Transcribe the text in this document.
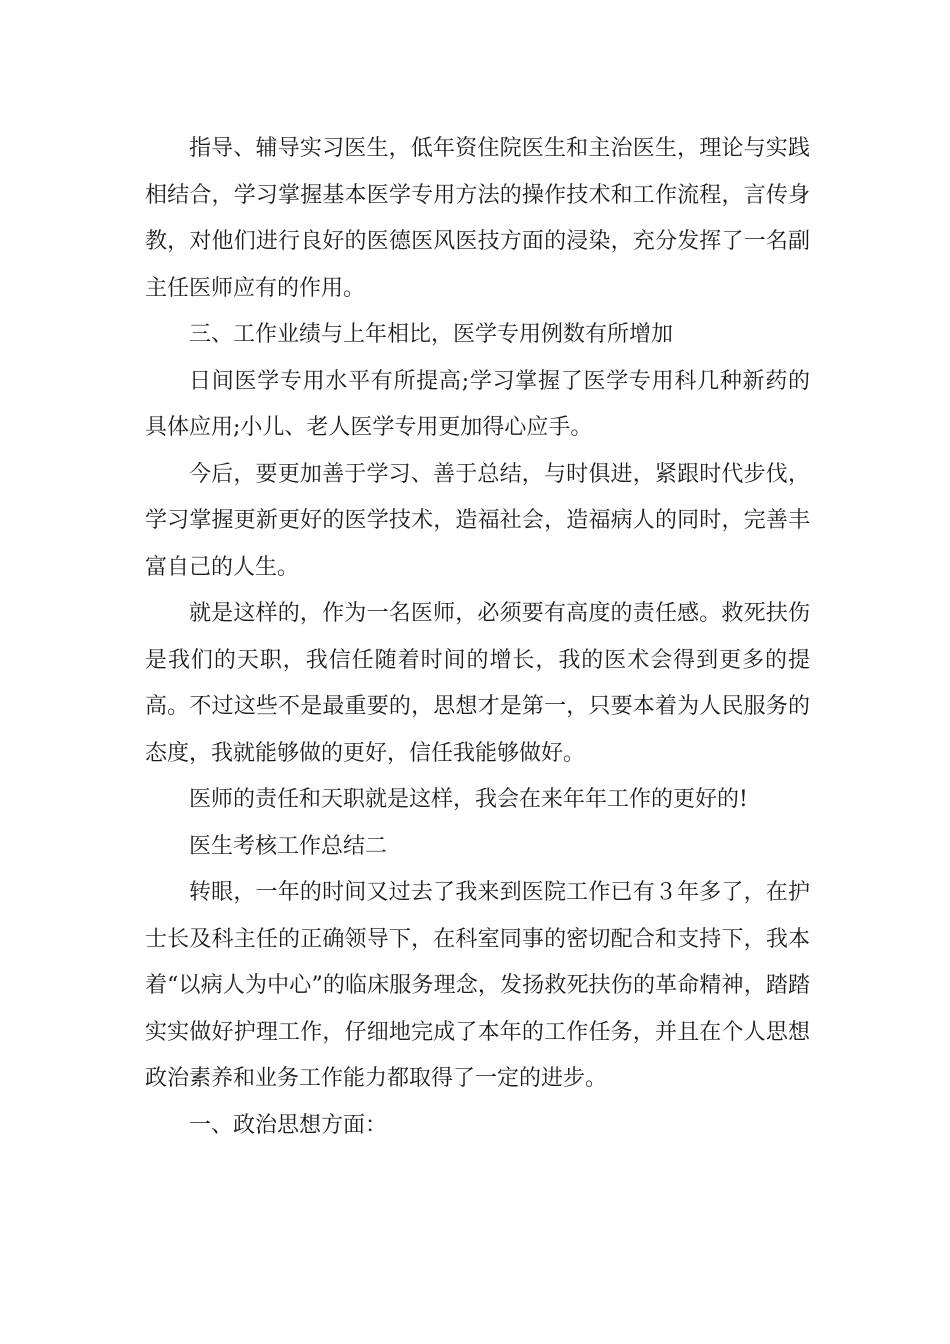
指导、辅导实习医生，低年资住院医生和主治医生，理论与实践相结合，学习掌握基本医学专用方法的操作技术和工作流程，言传身教，对他们进行良好的医德医风医技方面的浸染，充分发挥了一名副主任医师应有的作用。

三、工作业绩与上年相比，医学专用例数有所增加

日间医学专用水平有所提高;学习掌握了医学专用科几种新药的具体应用;小儿、老人医学专用更加得心应手。

今后，要更加善于学习、善于总结，与时俱进，紧跟时代步伐，学习掌握更新更好的医学技术，造福社会，造福病人的同时，完善丰富自己的人生。

就是这样的，作为一名医师，必须要有高度的责任感。救死扶伤是我们的天职，我信任随着时间的增长，我的医术会得到更多的提高。不过这些不是最重要的，思想才是第一，只要本着为人民服务的态度，我就能够做的更好，信任我能够做好。

医师的责任和天职就是这样，我会在来年年工作的更好的!

医生考核工作总结二

转眼，一年的时间又过去了我来到医院工作已有３年多了，在护士长及科主任的正确领导下，在科室同事的密切配合和支持下，我本着“以病人为中心”的临床服务理念，发扬救死扶伤的革命精神，踏踏实实做好护理工作，仔细地完成了本年的工作任务，并且在个人思想政治素养和业务工作能力都取得了一定的进步。

一、政治思想方面：
